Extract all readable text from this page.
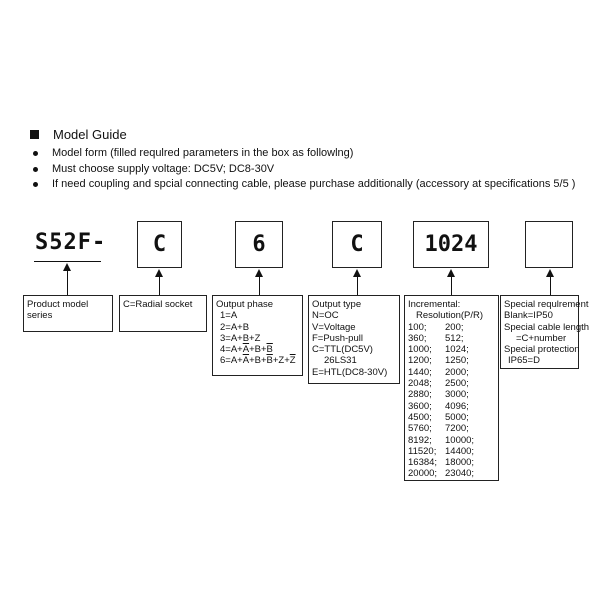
Model Guide
Model form (filled requlred parameters in the box as followlng)
Must choose supply voltage: DC5V; DC8-30V
If need coupling and spcial connecting cable, please purchase additionally (accessory at specifications 5/5 )
S52F-	C	6	C	1024
Product model
series
C=Radial socket	Output phase
1=A
2=A+B
3=A+B+Z
$4=A+\overline{A}+B+\overline{B}$
$6=A+\overline{A}+B+\overline{B}+Z+\overline{Z}$
Output type
N=OC
V=Voltage
F=Push-pull
C=TTL(DC5V)
26LS31
E=HTL(DC8-30V)
Incremental:
Resolution(P/R)
100;	200;
360;	512;
1000;	1024;
1200;	1250;
1440;	2000;
2048;	2500;
2880;	3000;
3600;	4096;
4500;	5000;
5760;	7200;
8192;	10000;
11520; 14400;
16384; 18000;
20000; 23040;
Special requlrement
Blank=IP50
Special cable length
=C+number
Special protection
IP65=D
